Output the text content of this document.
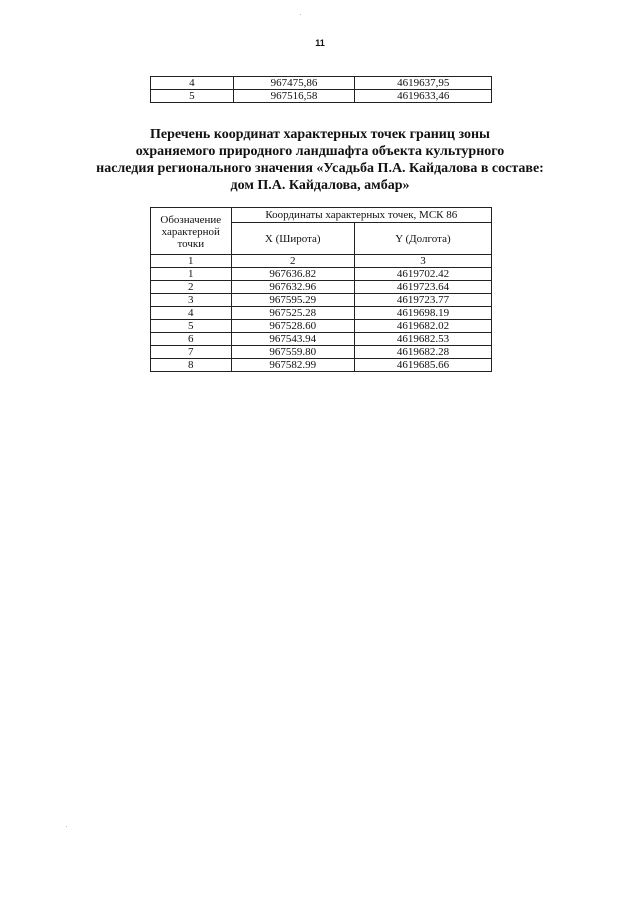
11
4	967475,86	4619637,95
5	967516,58	4619633,46
Перечень координат характерных точек границ зоны
охраняемого природного ландшафта объекта культурного
наследия регионального значения «Усадьба П.А. Кайдалова в составе:
дом П.А. Кайдалова, амбар»
Обозначение характерной точки	Координаты характерных точек, МСК 86	
	X (Широта)	Y (Долгота)
1	2	3
1	967636.82	4619702.42
2	967632.96	4619723.64
3	967595.29	4619723.77
4	967525.28	4619698.19
5	967528.60	4619682.02
6	967543.94	4619682.53
7	967559.80	4619682.28
8	967582.99	4619685.66
